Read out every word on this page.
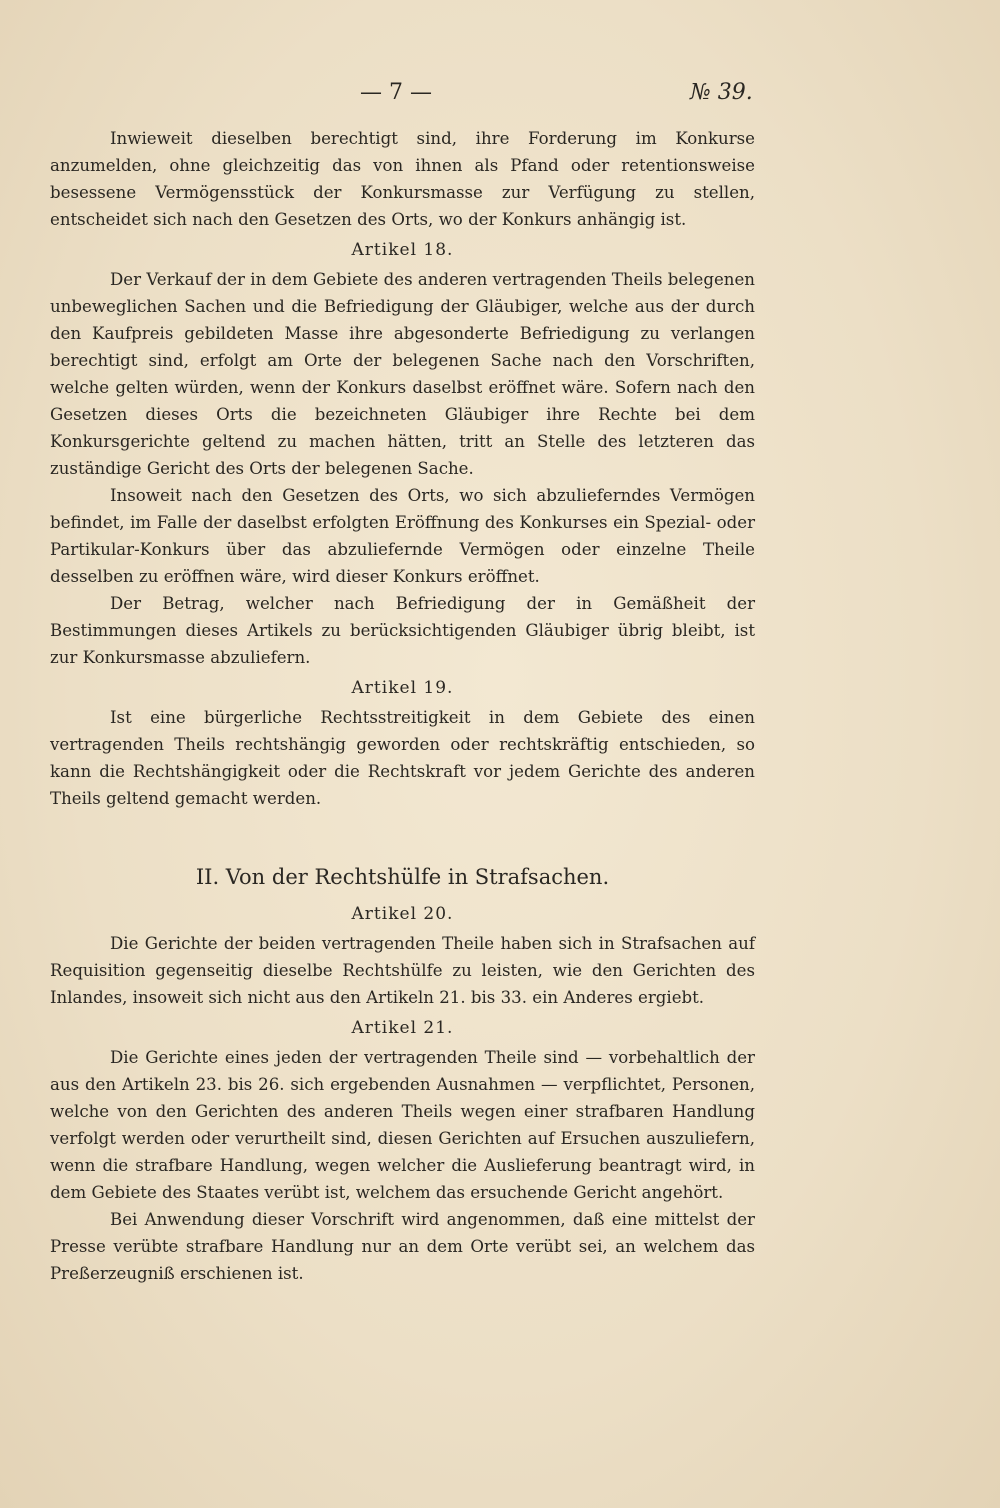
— 7 —	№ 39.

Inwieweit dieselben berechtigt sind, ihre Forderung im Konkurse anzumelden, ohne gleichzeitig das von ihnen als Pfand oder retentionsweise besessene Vermögensstück der Konkursmasse zur Verfügung zu stellen, entscheidet sich nach den Gesetzen des Orts, wo der Konkurs anhängig ist.

Artikel 18.

Der Verkauf der in dem Gebiete des anderen vertragenden Theils belegenen unbeweglichen Sachen und die Befriedigung der Gläubiger, welche aus der durch den Kaufpreis gebildeten Masse ihre abgesonderte Befriedigung zu verlangen berechtigt sind, erfolgt am Orte der belegenen Sache nach den Vorschriften, welche gelten würden, wenn der Konkurs daselbst eröffnet wäre. Sofern nach den Gesetzen dieses Orts die bezeichneten Gläubiger ihre Rechte bei dem Konkursgerichte geltend zu machen hätten, tritt an Stelle des letzteren das zuständige Gericht des Orts der belegenen Sache.

Insoweit nach den Gesetzen des Orts, wo sich abzulieferndes Vermögen befindet, im Falle der daselbst erfolgten Eröffnung des Konkurses ein Spezial- oder Partikular-Konkurs über das abzuliefernde Vermögen oder einzelne Theile desselben zu eröffnen wäre, wird dieser Konkurs eröffnet.

Der Betrag, welcher nach Befriedigung der in Gemäßheit der Bestimmungen dieses Artikels zu berücksichtigenden Gläubiger übrig bleibt, ist zur Konkursmasse abzuliefern.

Artikel 19.

Ist eine bürgerliche Rechtsstreitigkeit in dem Gebiete des einen vertragenden Theils rechtshängig geworden oder rechtskräftig entschieden, so kann die Rechtshängigkeit oder die Rechtskraft vor jedem Gerichte des anderen Theils geltend gemacht werden.

II. Von der Rechtshülfe in Strafsachen.
Artikel 20.

Die Gerichte der beiden vertragenden Theile haben sich in Strafsachen auf Requisition gegenseitig dieselbe Rechtshülfe zu leisten, wie den Gerichten des Inlandes, insoweit sich nicht aus den Artikeln 21. bis 33. ein Anderes ergiebt.

Artikel 21.

Die Gerichte eines jeden der vertragenden Theile sind — vorbehaltlich der aus den Artikeln 23. bis 26. sich ergebenden Ausnahmen — verpflichtet, Personen, welche von den Gerichten des anderen Theils wegen einer strafbaren Handlung verfolgt werden oder verurtheilt sind, diesen Gerichten auf Ersuchen auszuliefern, wenn die strafbare Handlung, wegen welcher die Auslieferung beantragt wird, in dem Gebiete des Staates verübt ist, welchem das ersuchende Gericht angehört.

Bei Anwendung dieser Vorschrift wird angenommen, daß eine mittelst der Presse verübte strafbare Handlung nur an dem Orte verübt sei, an welchem das Preßerzeugniß erschienen ist.
